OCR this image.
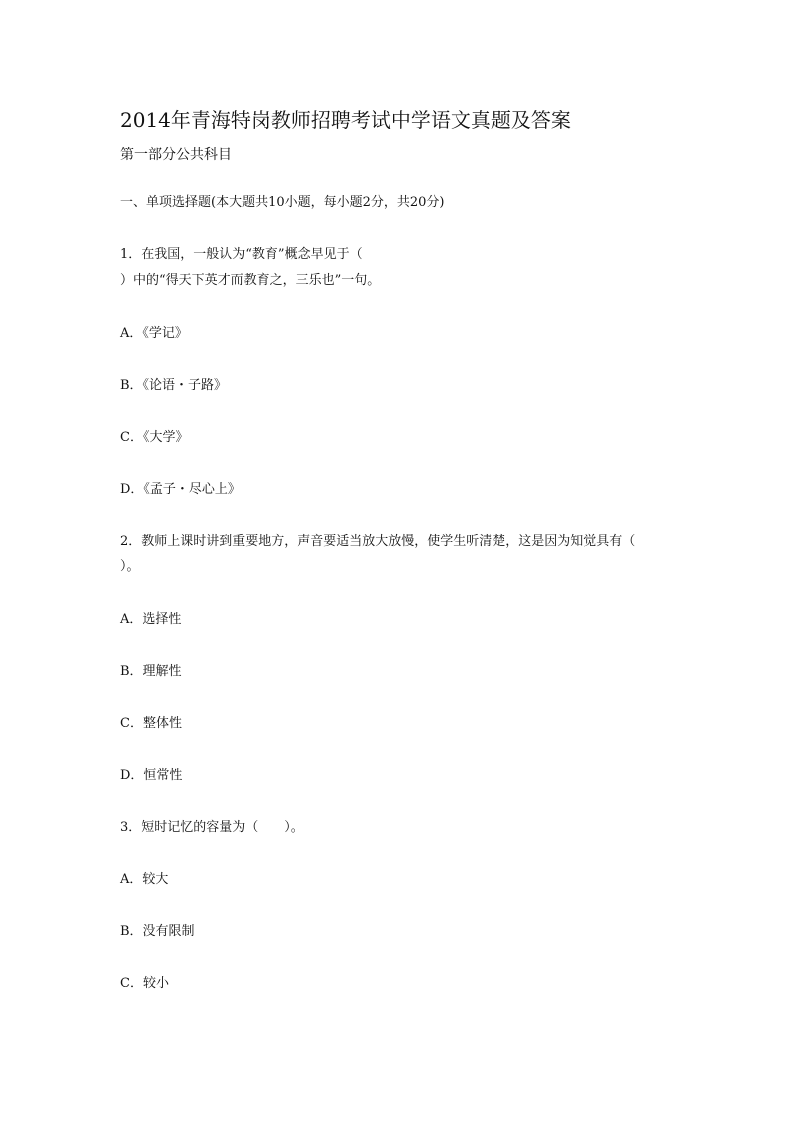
2014年青海特岗教师招聘考试中学语文真题及答案
第一部分公共科目
一、单项选择题(本大题共10小题，每小题2分，共20分)
1．在我国，一般认为“教育”概念早见于（
）中的“得天下英才而教育之，三乐也”一句。
A．《学记》
B．《论语・子路》
C．《大学》
D．《孟子・尽心上》
2．教师上课时讲到重要地方，声音要适当放大放慢，使学生听清楚，这是因为知觉具有（
）。
A．选择性
B．理解性
C．整体性
D．恒常性
3．短时记忆的容量为（　　）。
A．较大
B．没有限制
C．较小
